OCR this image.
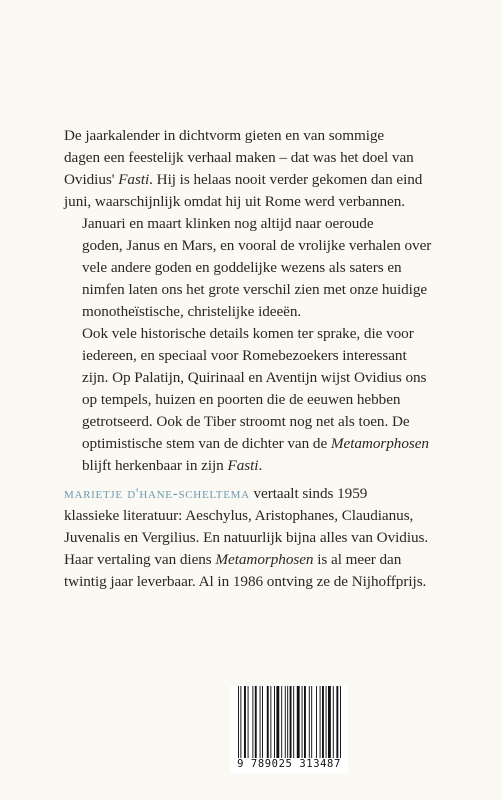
De jaarkalender in dichtvorm gieten en van sommige
dagen een feestelijk verhaal maken – dat was het doel van
Ovidius' Fasti. Hij is helaas nooit verder gekomen dan eind
juni, waarschijnlijk omdat hij uit Rome werd verbannen.

Januari en maart klinken nog altijd naar oeroude
goden, Janus en Mars, en vooral de vrolijke verhalen over
vele andere goden en goddelijke wezens als saters en
nimfen laten ons het grote verschil zien met onze huidige
monotheïstische, christelijke ideeën.

Ook vele historische details komen ter sprake, die voor
iedereen, en speciaal voor Romebezoekers interessant
zijn. Op Palatijn, Quirinaal en Aventijn wijst Ovidius ons
op tempels, huizen en poorten die de eeuwen hebben
getrotseerd. Ook de Tiber stroomt nog net als toen. De
optimistische stem van de dichter van de Metamorphosen
blijft herkenbaar in zijn Fasti.

marietje d'hane-scheltema vertaalt sinds 1959
klassieke literatuur: Aeschylus, Aristophanes, Claudianus,
Juvenalis en Vergilius. En natuurlijk bijna alles van Ovidius.
Haar vertaling van diens Metamorphosen is al meer dan
twintig jaar leverbaar. Al in 1986 ontving ze de Nijhoffprijs.

9 789025 313487
